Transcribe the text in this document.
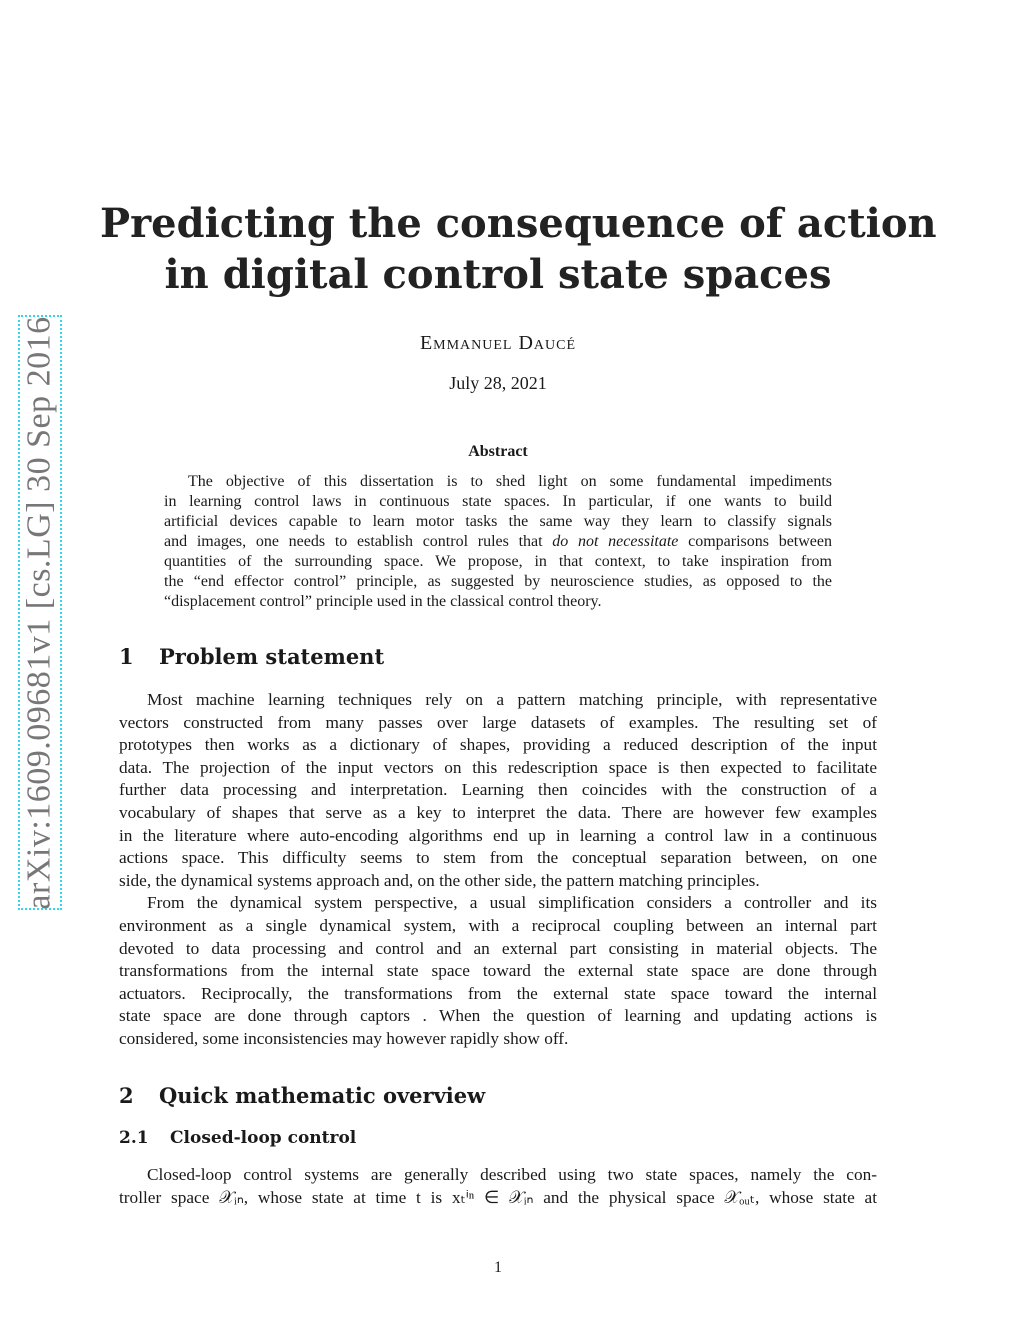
arXiv:1609.09681v1 [cs.LG] 30 Sep 2016
Predicting the consequence of action
in digital control state spaces
Emmanuel Daucé
July 28, 2021
Abstract
The objective of this dissertation is to shed light on some fundamental impediments
in learning control laws in continuous state spaces. In particular, if one wants to build
artificial devices capable to learn motor tasks the same way they learn to classify signals
and images, one needs to establish control rules that do not necessitate comparisons between
quantities of the surrounding space. We propose, in that context, to take inspiration from
the “end effector control” principle, as suggested by neuroscience studies, as opposed to the
“displacement control” principle used in the classical control theory.
1 Problem statement
Most machine learning techniques rely on a pattern matching principle, with representative
vectors constructed from many passes over large datasets of examples. The resulting set of
prototypes then works as a dictionary of shapes, providing a reduced description of the input
data. The projection of the input vectors on this redescription space is then expected to facilitate
further data processing and interpretation. Learning then coincides with the construction of a
vocabulary of shapes that serve as a key to interpret the data. There are however few examples
in the literature where auto-encoding algorithms end up in learning a control law in a continuous
actions space. This difficulty seems to stem from the conceptual separation between, on one
side, the dynamical systems approach and, on the other side, the pattern matching principles.
From the dynamical system perspective, a usual simplification considers a controller and its
environment as a single dynamical system, with a reciprocal coupling between an internal part
devoted to data processing and control and an external part consisting in material objects. The
transformations from the internal state space toward the external state space are done through
actuators. Reciprocally, the transformations from the external state space toward the internal
state space are done through captors . When the question of learning and updating actions is
considered, some inconsistencies may however rapidly show off.
2 Quick mathematic overview
2.1 Closed-loop control
Closed-loop control systems are generally described using two state spaces, namely the con-
troller space 𝒳ᵢₙ, whose state at time t is xₜⁱⁿ ∈ 𝒳ᵢₙ and the physical space 𝒳ₒᵤₜ, whose state at
1
